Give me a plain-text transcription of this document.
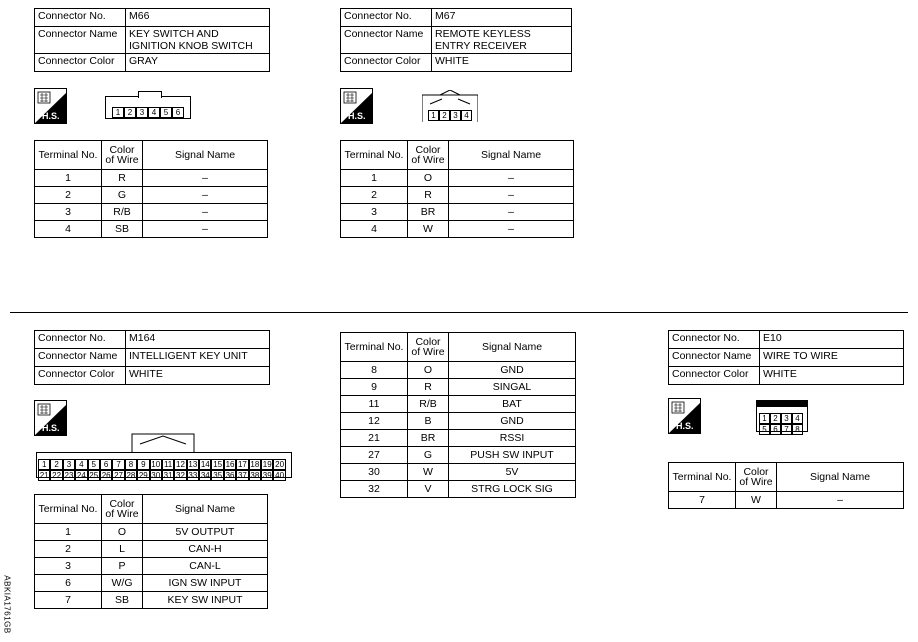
Connector No.	M66
Connector Name	KEY SWITCH AND IGNITION KNOB SWITCH
Connector Color	GRAY
H.S.	1 2 3 4 5 6
Terminal No.	Color of Wire	Signal Name
1	R	–
2	G	–
3	R/B	–
4	SB	–
Connector No.	M67
Connector Name	REMOTE KEYLESS ENTRY RECEIVER
Connector Color	WHITE
H.S.	1 2 3 4
Terminal No.	Color of Wire	Signal Name
1	O	–
2	R	–
3	BR	–
4	W	–
Connector No.	M164
Connector Name	INTELLIGENT KEY UNIT
Connector Color	WHITE
H.S.
1 2 3 4 5 6 7 8 9 10 11 12 13 14 15 16 17 18 19 20
21 22 23 24 25 26 27 28 29 30 31 32 33 34 35 36 37 38 39 40
Terminal No.	Color of Wire	Signal Name
1	O	5V OUTPUT
2	L	CAN-H
3	P	CAN-L
6	W/G	IGN SW INPUT
7	SB	KEY SW INPUT
Terminal No.	Color of Wire	Signal Name
8	O	GND
9	R	SINGAL
11	R/B	BAT
12	B	GND
21	BR	RSSI
27	G	PUSH SW INPUT
30	W	5V
32	V	STRG LOCK SIG
Connector No.	E10
Connector Name	WIRE TO WIRE
Connector Color	WHITE
H.S.
1 2 3 4
5 6 7 8
Terminal No.	Color of Wire	Signal Name
7	W	–
ABKIA1761GB
